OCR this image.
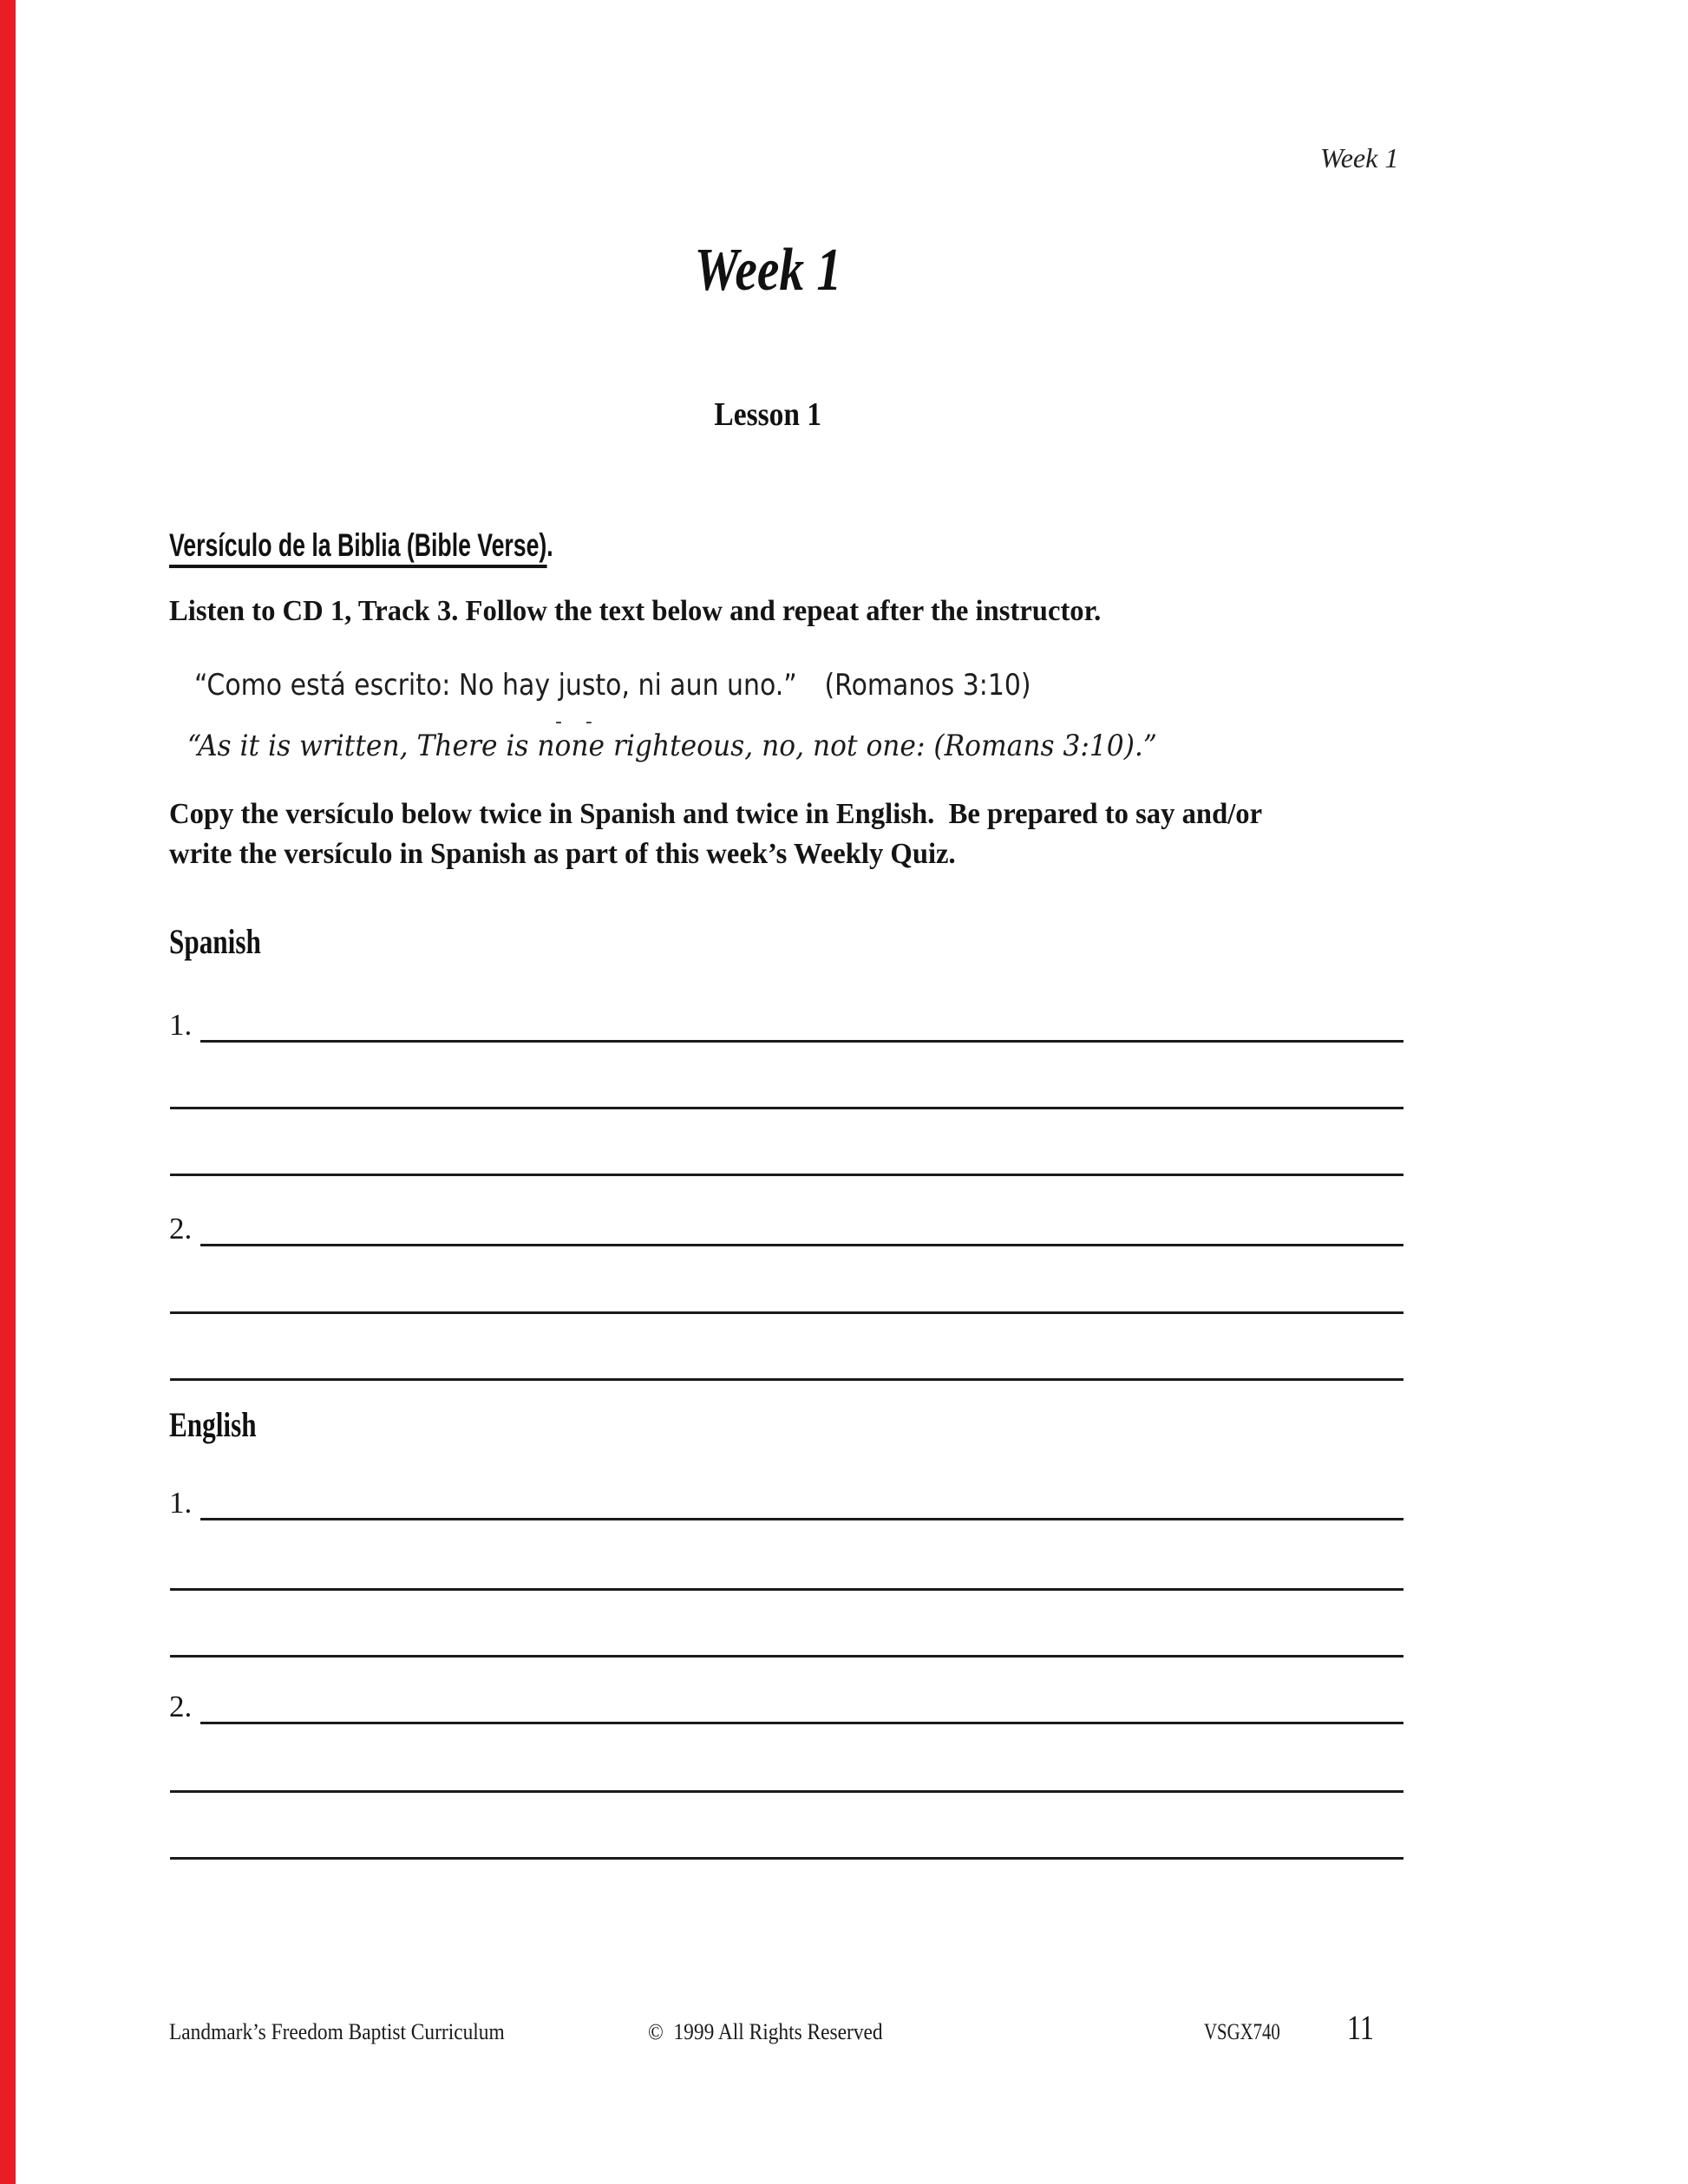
Week 1
Week 1
Lesson 1
Versículo de la Biblia (Bible Verse).
Listen to CD 1, Track 3. Follow the text below and repeat after the instructor.
“Como está escrito: No hay justo, ni aun uno.” (Romanos 3:10)
- -
“As it is written, There is none righteous, no, not one: (Romans 3:10).”
Copy the versículo below twice in Spanish and twice in English.  Be prepared to say and/or
write the versículo in Spanish as part of this week’s Weekly Quiz.
Spanish
1.
2.
English
1.
2.
Landmark’s Freedom Baptist Curriculum	©  1999 All Rights Reserved	VSGX740 11
